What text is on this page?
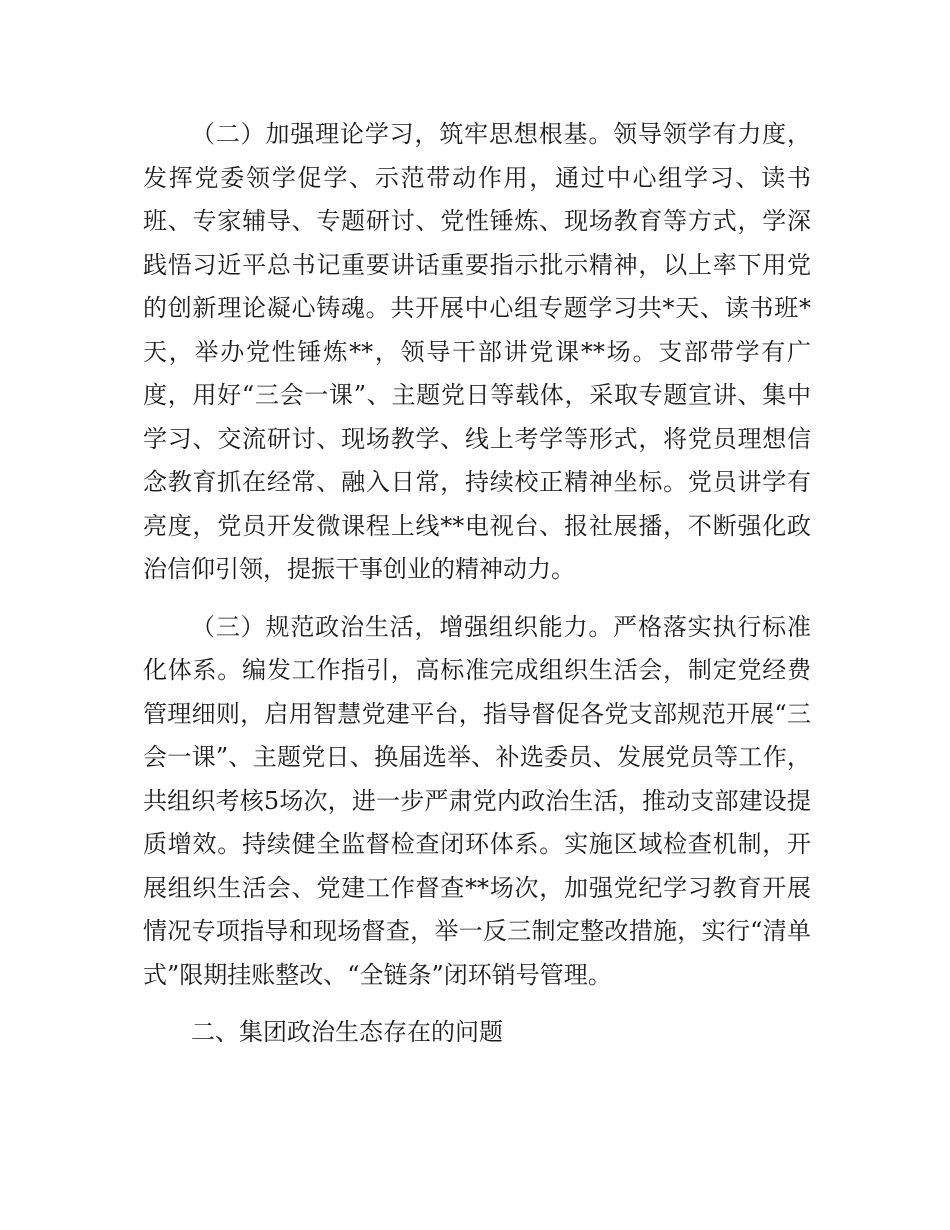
（二）加强理论学习，筑牢思想根基。领导领学有力度，发挥党委领学促学、示范带动作用，通过中心组学习、读书班、专家辅导、专题研讨、党性锤炼、现场教育等方式，学深践悟习近平总书记重要讲话重要指示批示精神，以上率下用党的创新理论凝心铸魂。共开展中心组专题学习共*天、读书班*天，举办党性锤炼**，领导干部讲党课**场。支部带学有广度，用好“三会一课”、主题党日等载体，采取专题宣讲、集中学习、交流研讨、现场教学、线上考学等形式，将党员理想信念教育抓在经常、融入日常，持续校正精神坐标。党员讲学有亮度，党员开发微课程上线**电视台、报社展播，不断强化政治信仰引领，提振干事创业的精神动力。

（三）规范政治生活，增强组织能力。严格落实执行标准化体系。编发工作指引，高标准完成组织生活会，制定党经费管理细则，启用智慧党建平台，指导督促各党支部规范开展“三会一课”、主题党日、换届选举、补选委员、发展党员等工作，共组织考核5场次，进一步严肃党内政治生活，推动支部建设提质增效。持续健全监督检查闭环体系。实施区域检查机制，开展组织生活会、党建工作督查**场次，加强党纪学习教育开展情况专项指导和现场督查，举一反三制定整改措施，实行“清单式”限期挂账整改、“全链条”闭环销号管理。

二、集团政治生态存在的问题
